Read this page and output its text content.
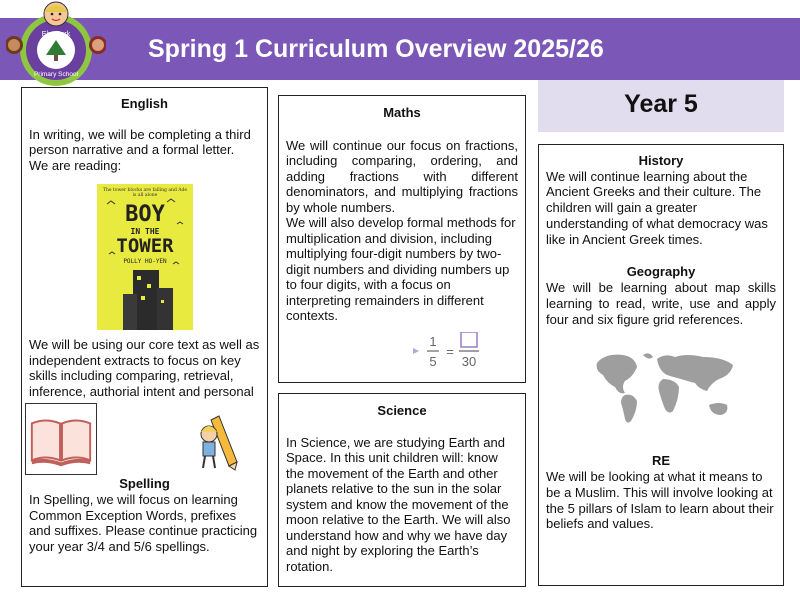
Spring 1 Curriculum Overview 2025/26
Elm Park
Primary School
Year 5
English

In writing, we will be completing a third person narrative and a formal letter.

We are reading:

The tower blocks are falling and Ade is all alone
BOY
IN THE
TOWER
POLLY HO-YEN

We will be using our core text as well as independent extracts to focus on key skills including comparing, retrieval, inference, authorial intent and personal

Spelling

In Spelling, we will focus on learning Common Exception Words, prefixes and suffixes. Please continue practicing your year 3/4 and 5/6 spellings.

Maths

We will continue our focus on fractions, including comparing, ordering, and adding fractions with different denominators, and multiplying fractions by whole numbers.

We will also develop formal methods for multiplication and division, including multiplying four-digit numbers by two-digit numbers and dividing numbers up to four digits, with a focus on interpreting remainders in different contexts.

1
5
=
30
Science

In Science, we are studying Earth and Space. In this unit children will: know the movement of the Earth and other planets relative to the sun in the solar system and know the movement of the moon relative to the Earth. We will also understand how and why we have day and night by exploring the Earth’s rotation.

History

We will continue learning about the Ancient Greeks and their culture. The children will gain a greater understanding of what democracy was like in Ancient Greek times.

Geography

We will be learning about map skills learning to read, write, use and apply four and six figure grid references.

RE

We will be looking at what it means to be a Muslim. This will involve looking at the 5 pillars of Islam to learn about their beliefs and values.
